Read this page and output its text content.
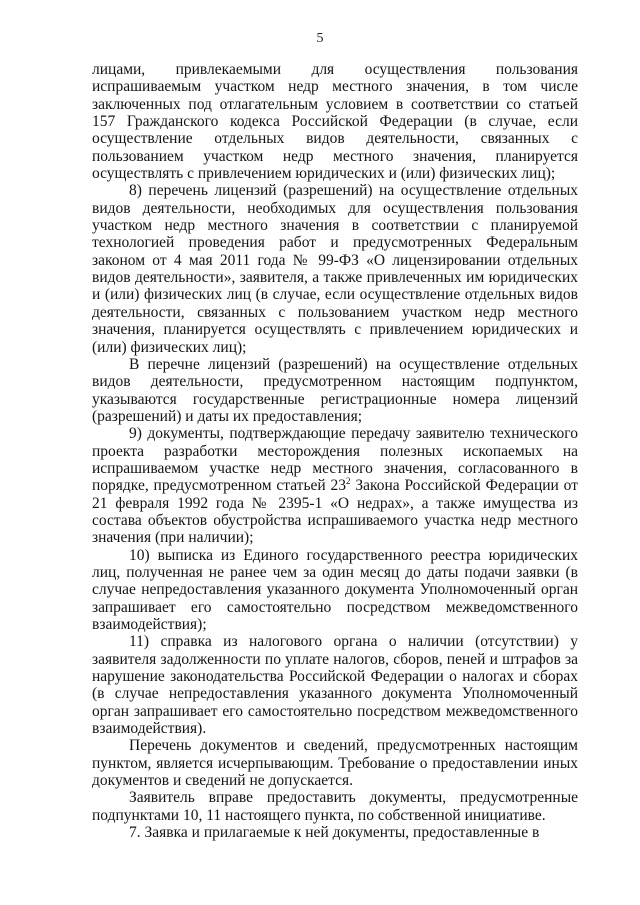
5

лицами, привлекаемыми для осуществления пользования испрашиваемым участком недр местного значения, в том числе заключенных под отлагательным условием в соответствии со статьей 157 Гражданского кодекса Российской Федерации (в случае, если осуществление отдельных видов деятельности, связанных с пользованием участком недр местного значения, планируется осуществлять с привлечением юридических и (или) физических лиц);

8) перечень лицензий (разрешений) на осуществление отдельных видов деятельности, необходимых для осуществления пользования участком недр местного значения в соответствии с планируемой технологией проведения работ и предусмотренных Федеральным законом от 4 мая 2011 года № 99-ФЗ «О лицензировании отдельных видов деятельности», заявителя, а также привлеченных им юридических и (или) физических лиц (в случае, если осуществление отдельных видов деятельности, связанных с пользованием участком недр местного значения, планируется осуществлять с привлечением юридических и (или) физических лиц);

В перечне лицензий (разрешений) на осуществление отдельных видов деятельности, предусмотренном настоящим подпунктом, указываются государственные регистрационные номера лицензий (разрешений) и даты их предоставления;

9) документы, подтверждающие передачу заявителю технического проекта разработки месторождения полезных ископаемых на испрашиваемом участке недр местного значения, согласованного в порядке, предусмотренном статьей $23^2$ Закона Российской Федерации от 21 февраля 1992 года № 2395-1 «О недрах», а также имущества из состава объектов обустройства испрашиваемого участка недр местного значения (при наличии);

10) выписка из Единого государственного реестра юридических лиц, полученная не ранее чем за один месяц до даты подачи заявки (в случае непредоставления указанного документа Уполномоченный орган запрашивает его самостоятельно посредством межведомственного взаимодействия);

11) справка из налогового органа о наличии (отсутствии) у заявителя задолженности по уплате налогов, сборов, пеней и штрафов за нарушение законодательства Российской Федерации о налогах и сборах (в случае непредоставления указанного документа Уполномоченный орган запрашивает его самостоятельно посредством межведомственного взаимодействия).

Перечень документов и сведений, предусмотренных настоящим пунктом, является исчерпывающим. Требование о предоставлении иных документов и сведений не допускается.

Заявитель вправе предоставить документы, предусмотренные подпунктами 10, 11 настоящего пункта, по собственной инициативе.

7. Заявка и прилагаемые к ней документы, предоставленные в
